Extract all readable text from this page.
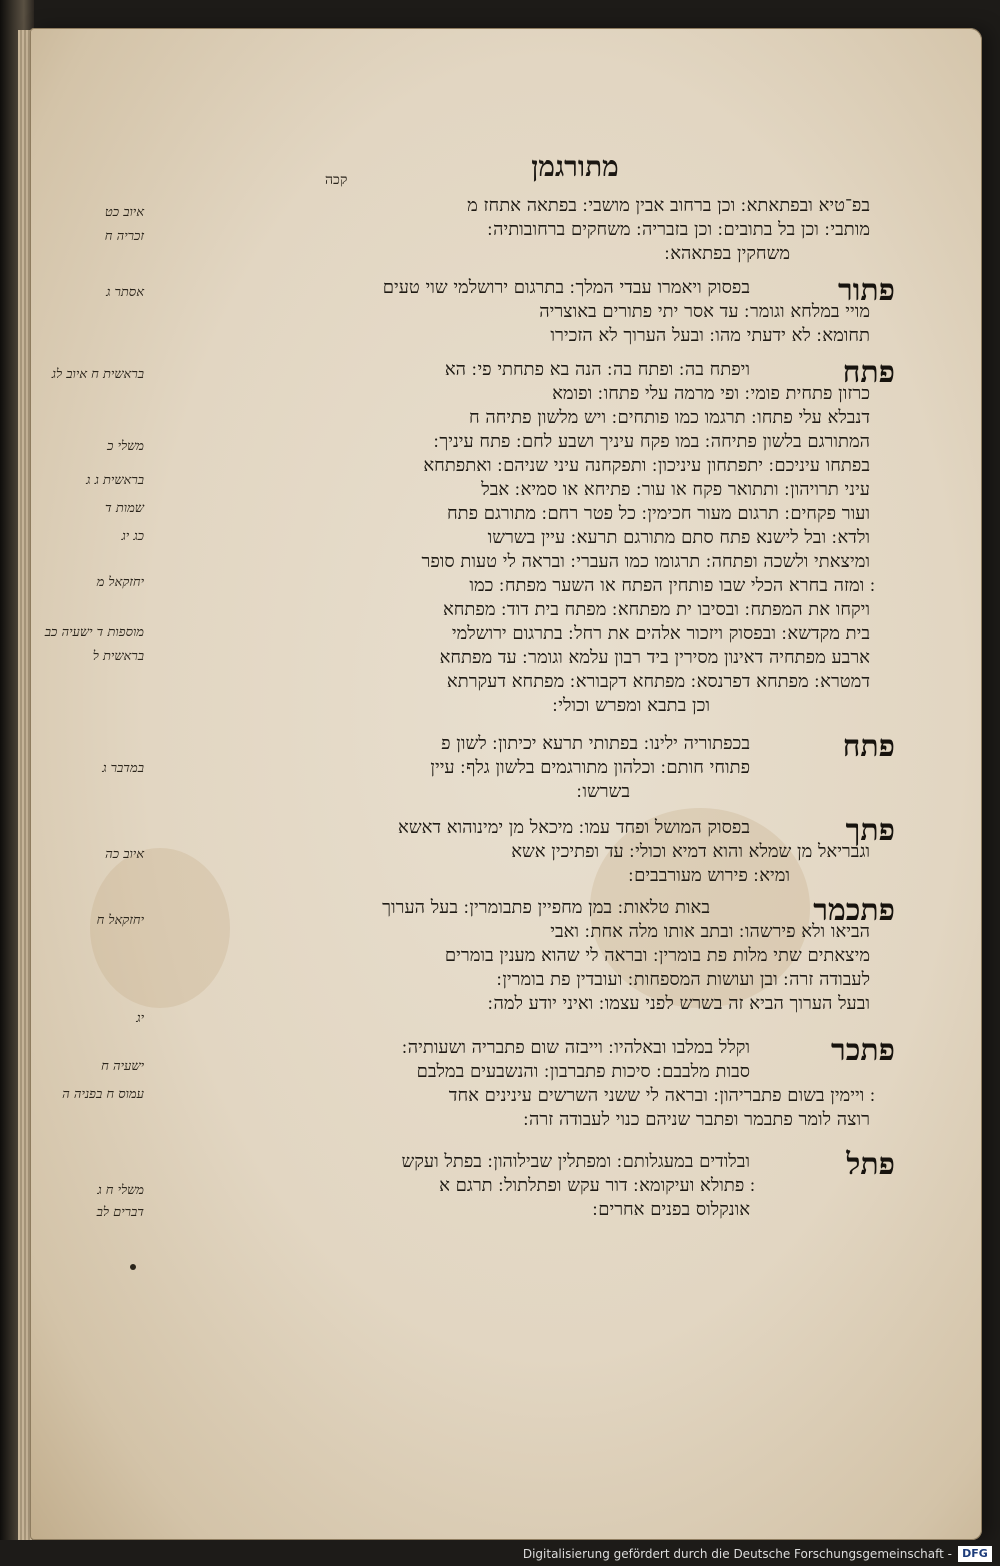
מתורגמן
קכה
בפ־טיא ובפתאתא ׃ וכן ברחוב אבין מושבי ׃ בפתאה אתחז מ
מותבי ׃ וכן בל בתובים ׃ וכן בזבריה ׃ משחקים ברחובותיה ׃
משחקין בפתאהא ׃
פתור
בפסוק ויאמרו עבדי המלך ׃ בתרגום ירושלמי שוי טעים
מויי במלחא וגומר ׃ עד אסר יתי פתורים באוצריה
תחומא ׃ לא ידעתי מהו ׃ ובעל הערוך לא הזכירו
פתח
ויפתח בה ׃ ופתח בה ׃ הנה בא פתחתי פי ׃ הא
כרזון פתחית פומי ׃ ופי מרמה עלי פתחו ׃ ופומא
דנבלא עלי פתחו ׃ תרגמו כמו פותחים ׃ ויש מלשון פתיחה ח
המתורגם בלשון פתיחה ׃ במו פקח עיניך ושבע לחם ׃ פתח עיניך ׃
בפתחו עיניכם ׃ יתפתחון עיניכון ׃ ותפקחנה עיני שניהם ׃ ואתפתחא
עיני תרויהון ׃ ותתואר פקח או עור ׃ פתיחא או סמיא ׃ אבל
ועור פקחים ׃ תרגום מעור חכימין ׃ כל פטר רחם ׃ מתורגם פתח
ולדא ׃ ובל לישנא פתח סתם מתורגם תרעא ׃ עיין בשרשו
ומיצאתי ולשכה ופתחה ׃ תרגומו כמו העברי ׃ ובראה לי טעות סופר
׃ ומזה בחרא הכלי שבו פותחין הפתח או השער מפתח ׃ כמו
ויקחו את המפתח ׃ ובסיבו ית מפתחא ׃ מפתח בית דוד ׃ מפתחא
בית מקדשא ׃ ובפסוק ויזכור אלהים את רחל ׃ בתרגום ירושלמי
ארבע מפתחיה דאינון מסירין ביד רבון עלמא וגומר ׃ עד מפתחא
דמטרא ׃ מפתחא דפרנסא ׃ מפתחא דקבורא ׃ מפתחא דעקרתא
וכן בתבא ומפרש וכולי ׃
פתח
בכפתוריה ילינו ׃ בפתותי תרעא יכיתון ׃ לשון פ
פתוחי חותם ׃ וכלהון מתורגמים בלשון גלף ׃ עיין
בשרשו ׃
פתך
בפסוק המושל ופחד עמו ׃ מיכאל מן ימינוהוא דאשא
וגבריאל מן שמלא והוא דמיא וכולי ׃ עד ופתיכין אשא
ומיא ׃ פירוש מעורבבים ׃
פתכמר
באות טלאות ׃ במן מחפיין פתבומרין ׃ בעל הערוך
הביאו ולא פירשהו ׃ ובתב אותו מלה אחת ׃ ואבי
מיצאתים שתי מלות פת בומרין ׃ ובראה לי שהוא מענין בומרים
לעבודה זרה ׃ ובן ועושות המספחות ׃ ועובדין פת בומרין ׃
ובעל הערוך הביא זה בשרש לפני עצמו ׃ ואיני יודע למה ׃
פתכר
וקלל במלבו ובאלהיו ׃ וייבזה שום פתבריה ושעותיה ׃
סבות מלבבם ׃ סיכות פתברבון ׃ והנשבעים במלבם
׃ ויימין בשום פתבריהון ׃ ובראה לי ששני השרשים עינינים אחד
רוצה לומר פתבמר ופתבר שניהם כנוי לעבודה זרה ׃
פתל
ובלודים במעגלותם ׃ ומפתלין שבילוהון ׃ בפתל ועקש
׃ פתולא ועיקומא ׃ דור עקש ופתלתול ׃ תרגם א
אונקלוס בפנים אחרים ׃
איוב כט
זכריה ח
אסתר ג
בראשית ח איוב לג
משלי כ
בראשית ג ג
שמות ד
כג יג
יחזקאל מ
מוספות ד ישעיה כב
בראשית ל
במדבר ג
איוב כה
יחזקאל ח
יג
ישעיה ח
עמוס ח בפניה ה
משלי ח ג
דברים לב
Digitalisierung gefördert durch die Deutsche Forschungsgemeinschaft - DFG
